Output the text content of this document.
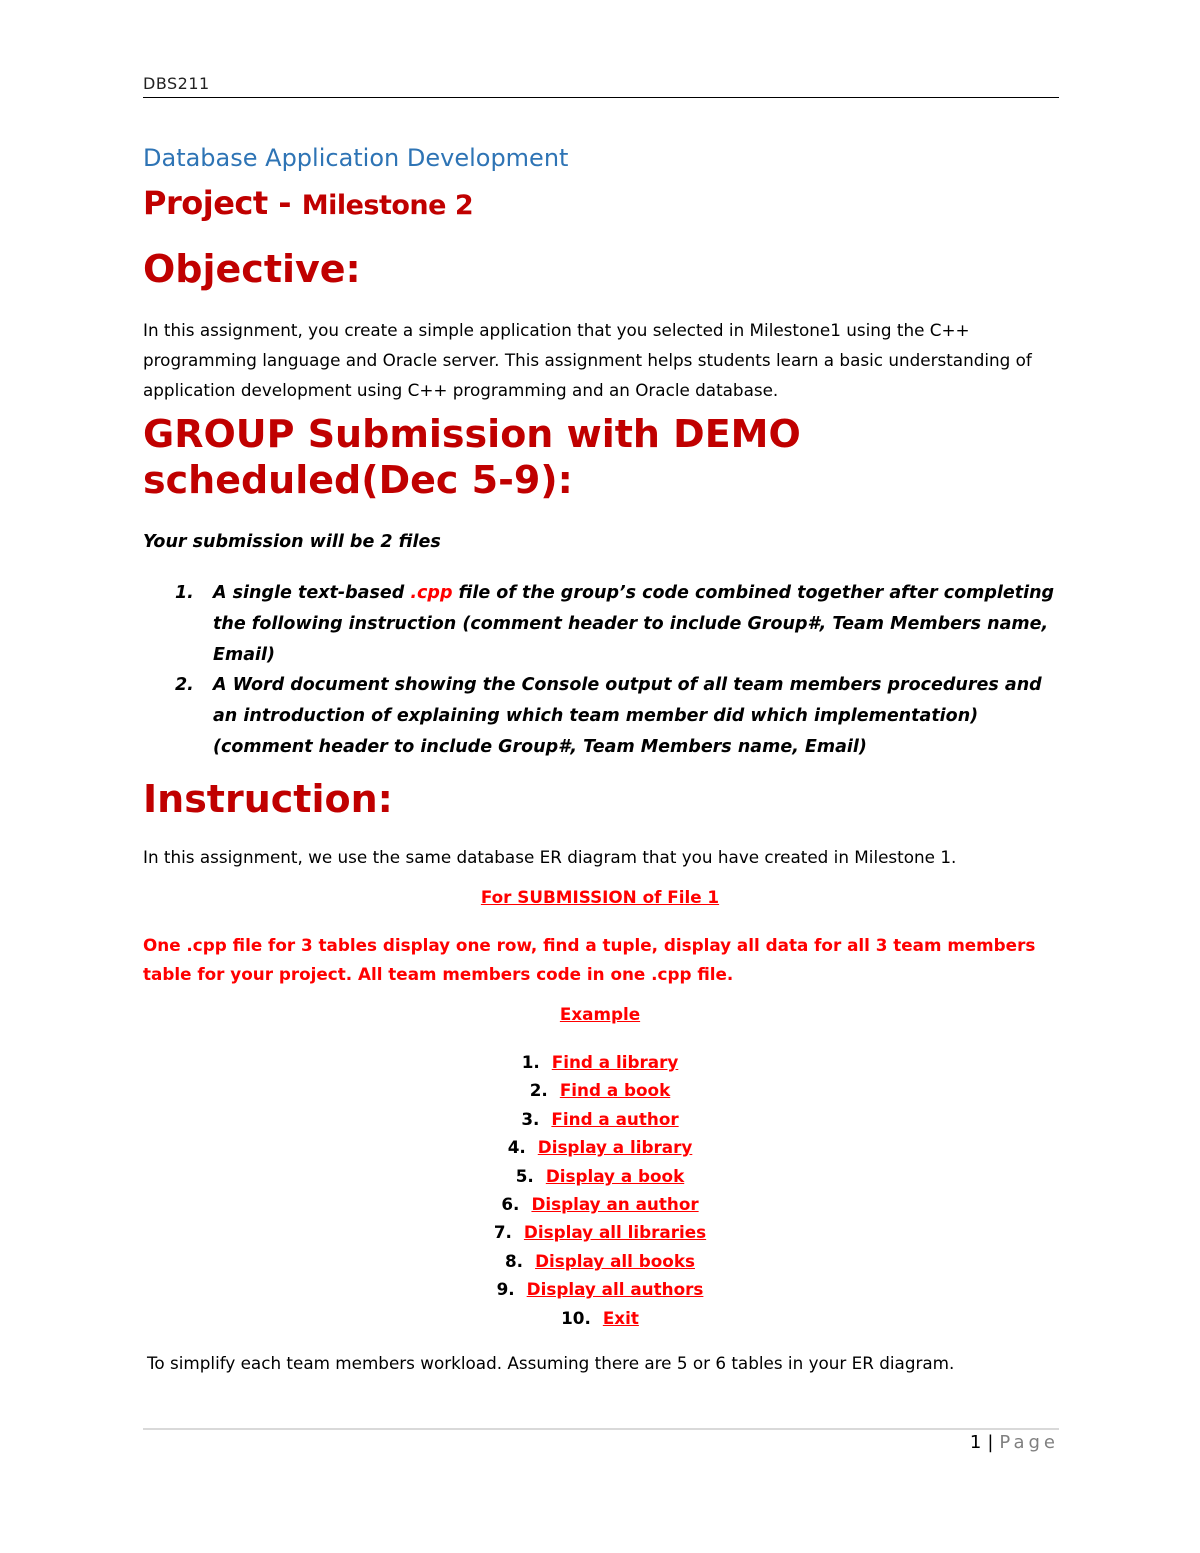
DBS211
Database Application Development
Project - Milestone 2
Objective:
In this assignment, you create a simple application that you selected in Milestone1 using the C++ programming language and Oracle server. This assignment helps students learn a basic understanding of application development using C++ programming and an Oracle database.
GROUP Submission with DEMO
scheduled(Dec 5-9):
Your submission will be 2 files
1. A single text-based .cpp file of the group’s code combined together after completing the following instruction (comment header to include Group#, Team Members name, Email)
2. A Word document showing the Console output of all team members procedures and an introduction of explaining which team member did which implementation) (comment header to include Group#, Team Members name, Email)
Instruction:
In this assignment, we use the same database ER diagram that you have created in Milestone 1.
For SUBMISSION of File 1
One .cpp file for 3 tables display one row, find a tuple, display all data for all 3 team members table for your project. All team members code in one .cpp file.
Example
1. Find a library
2. Find a book
3. Find a author
4. Display a library
5. Display a book
6. Display an author
7. Display all libraries
8. Display all books
9. Display all authors
10. Exit
To simplify each team members workload. Assuming there are 5 or 6 tables in your ER diagram.
1 | Page
